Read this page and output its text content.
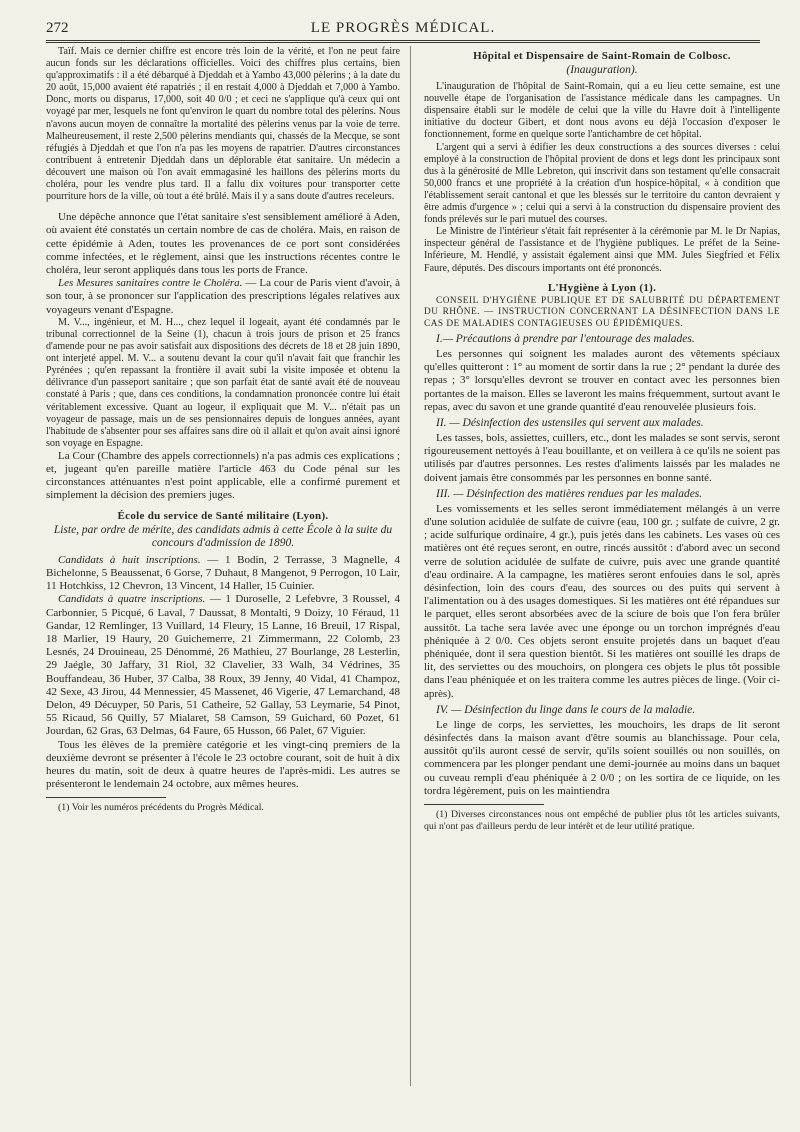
272	LE PROGRÈS MÉDICAL.

Taïf. Mais ce dernier chiffre est encore très loin de la vérité, et l'on ne peut faire aucun fonds sur les déclarations officielles. Voici des chiffres plus certains, bien qu'approximatifs : il a été débarqué à Djeddah et à Yambo 43,000 pèlerins ; à la date du 20 août, 15,000 avaient été rapatriés ; il en restait 4,000 à Djeddah et 7,000 à Yambo. Donc, morts ou disparus, 17,000, soit 40 0/0 ; et ceci ne s'applique qu'à ceux qui ont voyagé par mer, lesquels ne font qu'environ le quart du nombre total des pèlerins. Nous n'avons aucun moyen de connaître la mortalité des pèlerins venus par la voie de terre. Malheureusement, il reste 2,500 pèlerins mendiants qui, chassés de la Mecque, se sont réfugiés à Djeddah et que l'on n'a pas les moyens de rapatrier. D'autres circonstances contribuent à entretenir Djeddah dans un déplorable état sanitaire. Un médecin a découvert une maison où l'on avait emmagasiné les haillons des pèlerins morts du choléra, pour les vendre plus tard. Il a fallu dix voitures pour transporter cette pourriture hors de la ville, où tout a été brûlé. Mais il y a sans doute d'autres receleurs.

Une dépêche annonce que l'état sanitaire s'est sensiblement amélioré à Aden, où avaient été constatés un certain nombre de cas de choléra. Mais, en raison de cette épidémie à Aden, toutes les provenances de ce port sont considérées comme infectées, et le règlement, ainsi que les instructions récentes contre le choléra, leur seront appliqués dans tous les ports de France.

Les Mesures sanitaires contre le Choléra. — La cour de Paris vient d'avoir, à son tour, à se prononcer sur l'application des prescriptions légales relatives aux voyageurs venant d'Espagne.

M. V..., ingénieur, et M. H..., chez lequel il logeait, ayant été condamnés par le tribunal correctionnel de la Seine (1), chacun à trois jours de prison et 25 francs d'amende pour ne pas avoir satisfait aux dispositions des décrets de 18 et 28 juin 1890, ont interjeté appel. M. V... a soutenu devant la cour qu'il n'avait fait que franchir les Pyrénées ; qu'en repassant la frontière il avait subi la visite imposée et obtenu la délivrance d'un passeport sanitaire ; que son parfait état de santé avait été de nouveau constaté à Paris ; que, dans ces conditions, la condamnation prononcée contre lui était véritablement excessive. Quant au logeur, il expliquait que M. V... n'était pas un voyageur de passage, mais un de ses pensionnaires depuis de longues années, ayant l'habitude de s'absenter pour ses affaires sans dire où il allait et qu'on avait ainsi ignoré son voyage en Espagne.

La Cour (Chambre des appels correctionnels) n'a pas admis ces explications ; et, jugeant qu'en pareille matière l'article 463 du Code pénal sur les circonstances atténuantes n'est point applicable, elle a confirmé purement et simplement la décision des premiers juges.

École du service de Santé militaire (Lyon).
Liste, par ordre de mérite, des candidats admis à cette École à la suite du concours d'admission de 1890.

Candidats à huit inscriptions. — 1 Bodin, 2 Terrasse, 3 Magnelle, 4 Bichelonne, 5 Beaussenat, 6 Gorse, 7 Duhaut, 8 Mangenot, 9 Perrogon, 10 Lair, 11 Hotchkiss, 12 Chevron, 13 Vincent, 14 Haller, 15 Cuinier.

Candidats à quatre inscriptions. — 1 Duroselle, 2 Lefebvre, 3 Roussel, 4 Carbonnier, 5 Picqué, 6 Laval, 7 Daussat, 8 Montalti, 9 Doizy, 10 Féraud, 11 Gandar, 12 Remlinger, 13 Vuillard, 14 Fleury, 15 Lanne, 16 Breuil, 17 Rispal, 18 Marlier, 19 Haury, 20 Guichemerre, 21 Zimmermann, 22 Colomb, 23 Lesnés, 24 Drouineau, 25 Dénommé, 26 Mathieu, 27 Bourlange, 28 Lesterlin, 29 Jaégle, 30 Jaffary, 31 Riol, 32 Clavelier, 33 Walh, 34 Védrines, 35 Bouffandeau, 36 Huber, 37 Calba, 38 Roux, 39 Jenny, 40 Vidal, 41 Champoz, 42 Sexe, 43 Jirou, 44 Mennessier, 45 Massenet, 46 Vigerie, 47 Lemarchand, 48 Delon, 49 Décuyper, 50 Paris, 51 Catheire, 52 Gallay, 53 Leymarie, 54 Pinot, 55 Ricaud, 56 Quilly, 57 Mialaret, 58 Camson, 59 Guichard, 60 Pozet, 61 Jourdan, 62 Gras, 63 Delmas, 64 Faure, 65 Husson, 66 Palet, 67 Viguier.

Tous les élèves de la première catégorie et les vingt-cinq premiers de la deuxième devront se présenter à l'école le 23 octobre courant, soit de huit à dix heures du matin, soit de deux à quatre heures de l'après-midi. Les autres se présenteront le lendemain 24 octobre, aux mêmes heures.

(1) Voir les numéros précédents du Progrès Médical.

Hôpital et Dispensaire de Saint-Romain de Colbosc.
(Inauguration).

L'inauguration de l'hôpital de Saint-Romain, qui a eu lieu cette semaine, est une nouvelle étape de l'organisation de l'assistance médicale dans les campagnes. Un dispensaire établi sur le modèle de celui que la ville du Havre doit à l'intelligente initiative du docteur Gibert, et dont nous avons eu déjà l'occasion d'exposer le fonctionnement, forme en quelque sorte l'antichambre de cet hôpital.

L'argent qui a servi à édifier les deux constructions a des sources diverses : celui employé à la construction de l'hôpital provient de dons et legs dont les principaux sont dus à la générosité de Mlle Lebreton, qui inscrivit dans son testament qu'elle consacrait 50,000 francs et une propriété à la création d'un hospice-hôpital, « à condition que l'établissement serait cantonal et que les blessés sur le territoire du canton devraient y être admis d'urgence » ; celui qui a servi à la construction du dispensaire provient des fonds prélevés sur le pari mutuel des courses.

Le Ministre de l'intérieur s'était fait représenter à la cérémonie par M. le Dr Napias, inspecteur général de l'assistance et de l'hygiène publiques. Le préfet de la Seine-Inférieure, M. Hendlé, y assistait également ainsi que MM. Jules Siegfried et Félix Faure, députés. Des discours importants ont été prononcés.

L'Hygiène à Lyon (1).

CONSEIL D'HYGIÈNE PUBLIQUE ET DE SALUBRITÉ DU DÉPARTEMENT DU RHÔNE. — INSTRUCTION CONCERNANT LA DÉSINFECTION DANS LE CAS DE MALADIES CONTAGIEUSES OU ÉPIDÉMIQUES.

I.— Précautions à prendre par l'entourage des malades.

Les personnes qui soignent les malades auront des vêtements spéciaux qu'elles quitteront : 1° au moment de sortir dans la rue ; 2° pendant la durée des repas ; 3° lorsqu'elles devront se trouver en contact avec les personnes bien portantes de la maison. Elles se laveront les mains fréquemment, surtout avant le repas, avec du savon et une grande quantité d'eau renouvelée plusieurs fois.

II. — Désinfection des ustensiles qui servent aux malades.

Les tasses, bols, assiettes, cuillers, etc., dont les malades se sont servis, seront rigoureusement nettoyés à l'eau bouillante, et on veillera à ce qu'ils ne soient pas utilisés par d'autres personnes. Les restes d'aliments laissés par les malades ne doivent jamais être consommés par les personnes en bonne santé.

III. — Désinfection des matières rendues par les malades.

Les vomissements et les selles seront immédiatement mélangés à un verre d'une solution acidulée de sulfate de cuivre (eau, 100 gr. ; sulfate de cuivre, 2 gr. ; acide sulfurique ordinaire, 4 gr.), puis jetés dans les cabinets. Les vases où ces matières ont été reçues seront, en outre, rincés aussitôt : d'abord avec un second verre de solution acidulée de sulfate de cuivre, puis avec une grande quantité d'eau ordinaire. A la campagne, les matières seront enfouies dans le sol, après désinfection, loin des cours d'eau, des sources ou des puits qui servent à l'alimentation ou à des usages domestiques. Si les matières ont été répandues sur le parquet, elles seront absorbées avec de la sciure de bois que l'on fera brûler aussitôt. La tache sera lavée avec une éponge ou un torchon imprégnés d'eau phéniquée à 2 0/0. Ces objets seront ensuite projetés dans un baquet d'eau phéniquée, dont il sera question bientôt. Si les matières ont souillé les draps de lit, des serviettes ou des mouchoirs, on plongera ces objets le plus tôt possible dans l'eau phéniquée et on les traitera comme les autres pièces de linge. (Voir ci-après).

IV. — Désinfection du linge dans le cours de la maladie.

Le linge de corps, les serviettes, les mouchoirs, les draps de lit seront désinfectés dans la maison avant d'être soumis au blanchissage. Pour cela, aussitôt qu'ils auront cessé de servir, qu'ils soient souillés ou non souillés, on commencera par les plonger pendant une demi-journée au moins dans un baquet ou cuveau rempli d'eau phéniquée à 2 0/0 ; on les sortira de ce liquide, on les tordra légèrement, puis on les maintiendra

(1) Diverses circonstances nous ont empêché de publier plus tôt les articles suivants, qui n'ont pas d'ailleurs perdu de leur intérêt et de leur utilité pratique.
